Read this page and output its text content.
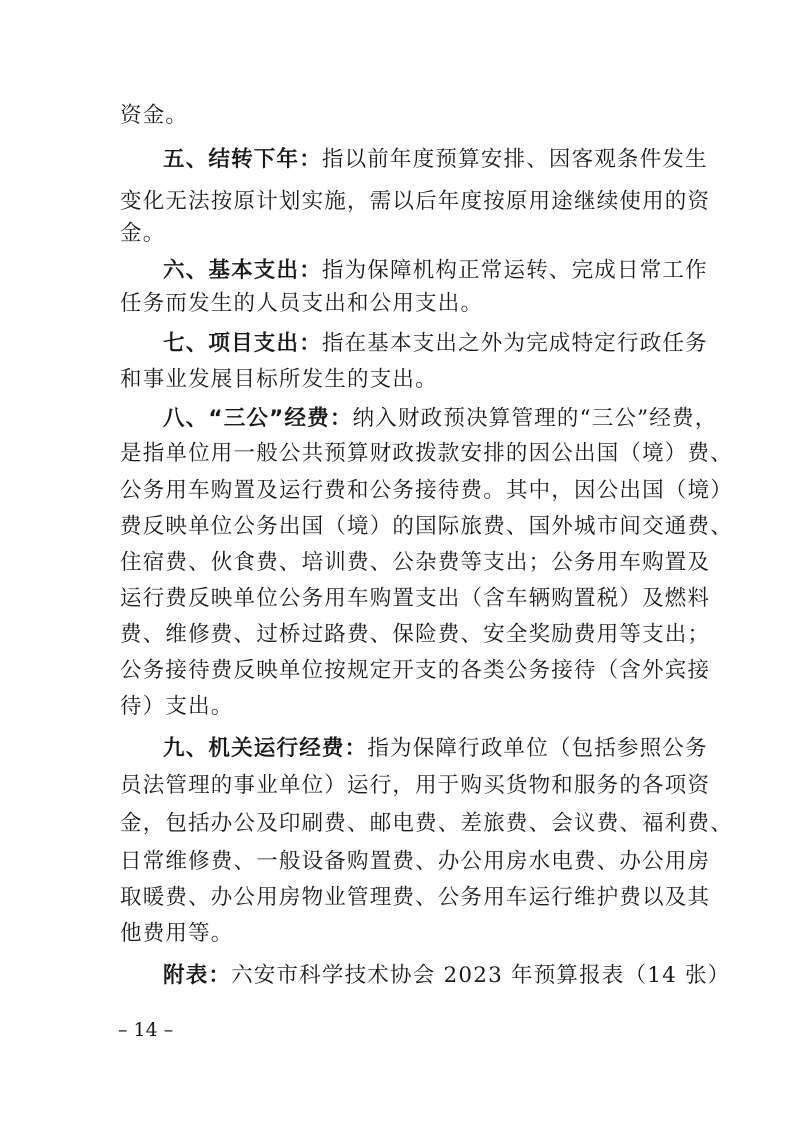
资金。
五、结转下年：指以前年度预算安排、因客观条件发生
变化无法按原计划实施，需以后年度按原用途继续使用的资
金。
六、基本支出：指为保障机构正常运转、完成日常工作
任务而发生的人员支出和公用支出。
七、项目支出：指在基本支出之外为完成特定行政任务
和事业发展目标所发生的支出。
八、“三公”经费：纳入财政预决算管理的“三公”经费，
是指单位用一般公共预算财政拨款安排的因公出国（境）费、
公务用车购置及运行费和公务接待费。其中，因公出国（境）
费反映单位公务出国（境）的国际旅费、国外城市间交通费、
住宿费、伙食费、培训费、公杂费等支出；公务用车购置及
运行费反映单位公务用车购置支出（含车辆购置税）及燃料
费、维修费、过桥过路费、保险费、安全奖励费用等支出；
公务接待费反映单位按规定开支的各类公务接待（含外宾接
待）支出。
九、机关运行经费：指为保障行政单位（包括参照公务
员法管理的事业单位）运行，用于购买货物和服务的各项资
金，包括办公及印刷费、邮电费、差旅费、会议费、福利费、
日常维修费、一般设备购置费、办公用房水电费、办公用房
取暖费、办公用房物业管理费、公务用车运行维护费以及其
他费用等。
附表：六安市科学技术协会 2023 年预算报表（14 张）
– 14 –
